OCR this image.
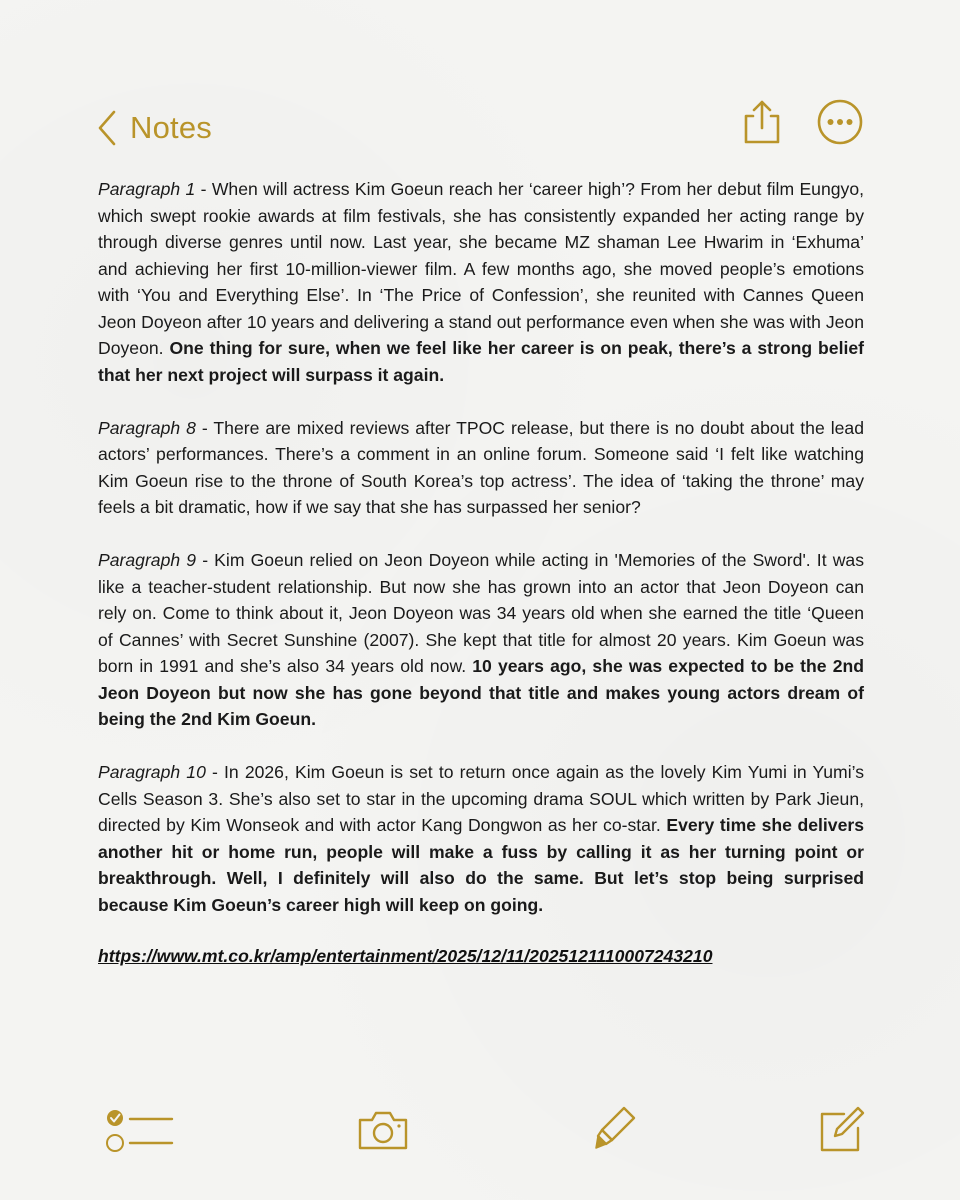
Notes

Paragraph 1 - When will actress Kim Goeun reach her ‘career high’? From her debut film Eungyo, which swept rookie awards at film festivals, she has consistently expanded her acting range by through diverse genres until now. Last year, she became MZ shaman Lee Hwarim in ‘Exhuma’ and achieving her first 10-million-viewer film. A few months ago, she moved people’s emotions with ‘You and Everything Else’. In ‘The Price of Confession’, she reunited with Cannes Queen Jeon Doyeon after 10 years and delivering a stand out performance even when she was with Jeon Doyeon. One thing for sure, when we feel like her career is on peak, there’s a strong belief that her next project will surpass it again.

Paragraph 8 - There are mixed reviews after TPOC release, but there is no doubt about the lead actors’ performances. There’s a comment in an online forum. Someone said ‘I felt like watching Kim Goeun rise to the throne of South Korea’s top actress’. The idea of ‘taking the throne’ may feels a bit dramatic, how if we say that she has surpassed her senior?

Paragraph 9 - Kim Goeun relied on Jeon Doyeon while acting in 'Memories of the Sword'. It was like a teacher-student relationship. But now she has grown into an actor that Jeon Doyeon can rely on. Come to think about it, Jeon Doyeon was 34 years old when she earned the title ‘Queen of Cannes’ with Secret Sunshine (2007). She kept that title for almost 20 years. Kim Goeun was born in 1991 and she’s also 34 years old now. 10 years ago, she was expected to be the 2nd Jeon Doyeon but now she has gone beyond that title and makes young actors dream of being the 2nd Kim Goeun.

Paragraph 10 - In 2026, Kim Goeun is set to return once again as the lovely Kim Yumi in Yumi’s Cells Season 3. She’s also set to star in the upcoming drama SOUL which written by Park Jieun, directed by Kim Wonseok and with actor Kang Dongwon as her co-star. Every time she delivers another hit or home run, people will make a fuss by calling it as her turning point or breakthrough. Well, I definitely will also do the same. But let’s stop being surprised because Kim Goeun’s career high will keep on going.

https://www.mt.co.kr/amp/entertainment/2025/12/11/2025121110007243210
